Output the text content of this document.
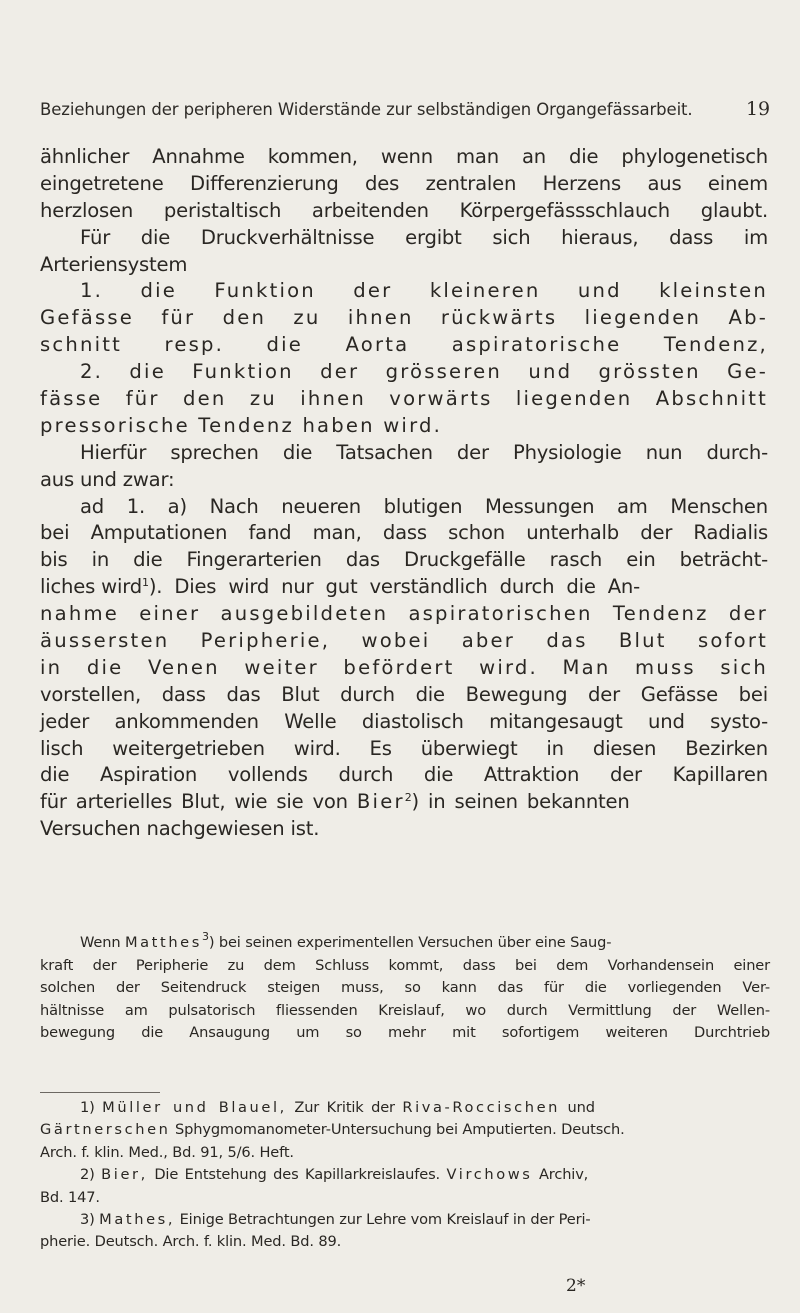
Beziehungen der peripheren Widerstände zur selbständigen Organgefässarbeit.	19
ähnlicher Annahme kommen, wenn man an die phylogenetisch
eingetretene Differenzierung des zentralen Herzens aus einem
herzlosen peristaltisch arbeitenden Körpergefässschlauch glaubt.
Für die Druckverhältnisse ergibt sich hieraus, dass im
Arteriensystem
1. die Funktion der kleineren und kleinsten
Gefässe für den zu ihnen rückwärts liegenden Ab-
schnitt resp. die Aorta aspiratorische Tendenz,
2. die Funktion der grösseren und grössten Ge-
fässe für den zu ihnen vorwärts liegenden Abschnitt
pressorische Tendenz haben wird.
Hierfür sprechen die Tatsachen der Physiologie nun durch-
aus und zwar:
ad 1. a) Nach neueren blutigen Messungen am Menschen
bei Amputationen fand man, dass schon unterhalb der Radialis
bis in die Fingerarterien das Druckgefälle rasch ein beträcht-
liches wird$^1$). Dies wird nur gut verständlich durch die An-
nahme einer ausgebildeten aspiratorischen Tendenz der
äussersten Peripherie, wobei aber das Blut sofort
in die Venen weiter befördert wird. Man muss sich
vorstellen, dass das Blut durch die Bewegung der Gefässe bei
jeder ankommenden Welle diastolisch mitangesaugt und systo-
lisch weitergetrieben wird. Es überwiegt in diesen Bezirken
die Aspiration vollends durch die Attraktion der Kapillaren
für arterielles Blut, wie sie von Bier$^2$) in seinen bekannten
Versuchen nachgewiesen ist.
Wenn Matthes$^3$) bei seinen experimentellen Versuchen über eine Saug-
kraft der Peripherie zu dem Schluss kommt, dass bei dem Vorhandensein einer
solchen der Seitendruck steigen muss, so kann das für die vorliegenden Ver-
hältnisse am pulsatorisch fliessenden Kreislauf, wo durch Vermittlung der Wellen-
bewegung die Ansaugung um so mehr mit sofortigem weiteren Durchtrieb
1) Müller und Blauel, Zur Kritik der Riva-Roccischen und
Gärtnerschen Sphygmomanometer-Untersuchung bei Amputierten. Deutsch.
Arch. f. klin. Med., Bd. 91, 5/6. Heft.
2) Bier, Die Entstehung des Kapillarkreislaufes. Virchows Archiv,
Bd. 147.
3) Mathes, Einige Betrachtungen zur Lehre vom Kreislauf in der Peri-
pherie. Deutsch. Arch. f. klin. Med. Bd. 89.
2*
